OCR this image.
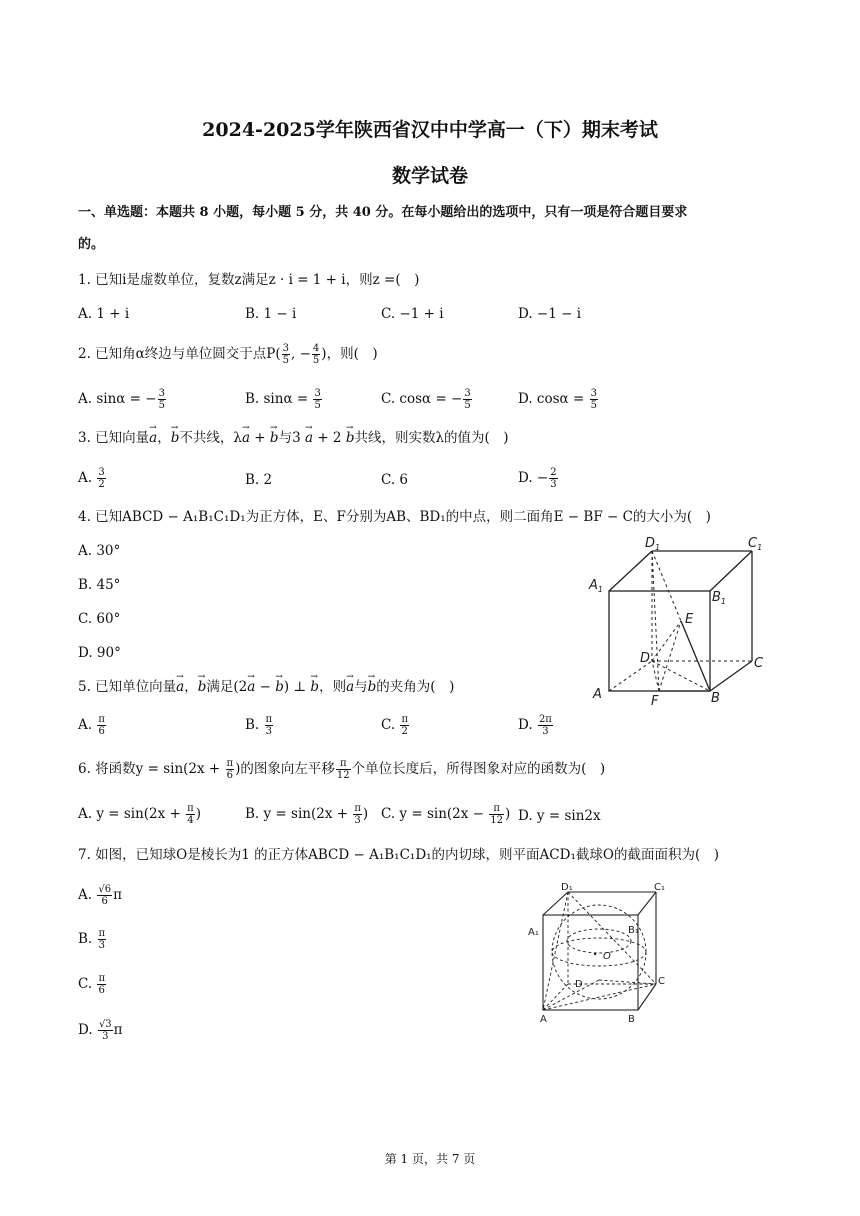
2024-2025学年陕西省汉中中学高一（下）期末考试
数学试卷
一、单选题：本题共 8 小题，每小题 5 分，共 40 分。在每小题给出的选项中，只有一项是符合题目要求
的。
1. 已知i是虚数单位，复数z满足z · i = 1 + i，则z =(　)
A. 1 + i	B. 1 − i	C. −1 + i	D. −1 − i
2. 已知角α终边与单位圆交于点$P( \frac{3}{5}$ , − $\frac{4}{5}$ )，则(　)
A. sinα = − $\frac{3}{5}$	B. $\sin\alpha = \frac{3}{5}$	C. cosα = − $\frac{3}{5}$	D. $\cos\alpha = \frac{3}{5}$
3. 已知向量→ a，→ b不共线，λ→ a + → b与3 → a + 2 → b共线，则实数λ的值为(　)
A. $\frac{3}{2}$	B. 2	C. 6	D. − $\frac{2}{3}$
4. 已知ABCD − A₁B₁C₁D₁为正方体，E、F分别为AB、BD₁的中点，则二面角E − BF − C的大小为(　)
A. 30°
B. 45°
C. 60°
D. 90°
$D_1$	$C_1$
$A_1$
$B_1$
E
D	C
A	F	B
5. 已知单位向量→ a，→ b满足(2→ a − → b) ⊥ → b，则→ a与→ b的夹角为(　)
A. $\frac{\pi}{6}$	B. $\frac{\pi}{3}$	C. $\frac{\pi}{2}$	D. $\frac{2\pi}{3}$
6. 将函数$y = \sin(2x + \frac{\pi}{6}$ )的图象向左平移 $\frac{\pi}{12}$ 个单位长度后，所得图象对应的函数为(　)
A. $y = \sin(2x + \frac{\pi}{4}$ )	B. $y = \sin(2x + \frac{\pi}{3}$ ) C. $y = \sin(2x - \frac{\pi}{12}$ ) D. y = sin2x
7. 如图，已知球O是棱长为1 的正方体ABCD − A₁B₁C₁D₁的内切球，则平面ACD₁截球O的截面面积为(　)
A. $\frac{√6}{6}$ π
B. $\frac{\pi}{3}$
C. $\frac{\pi}{6}$
D. $\frac{√3}{3}$ π
D₁	C₁
A₁	B₁
O
D	C
A	B
第 1 页，共 7 页
